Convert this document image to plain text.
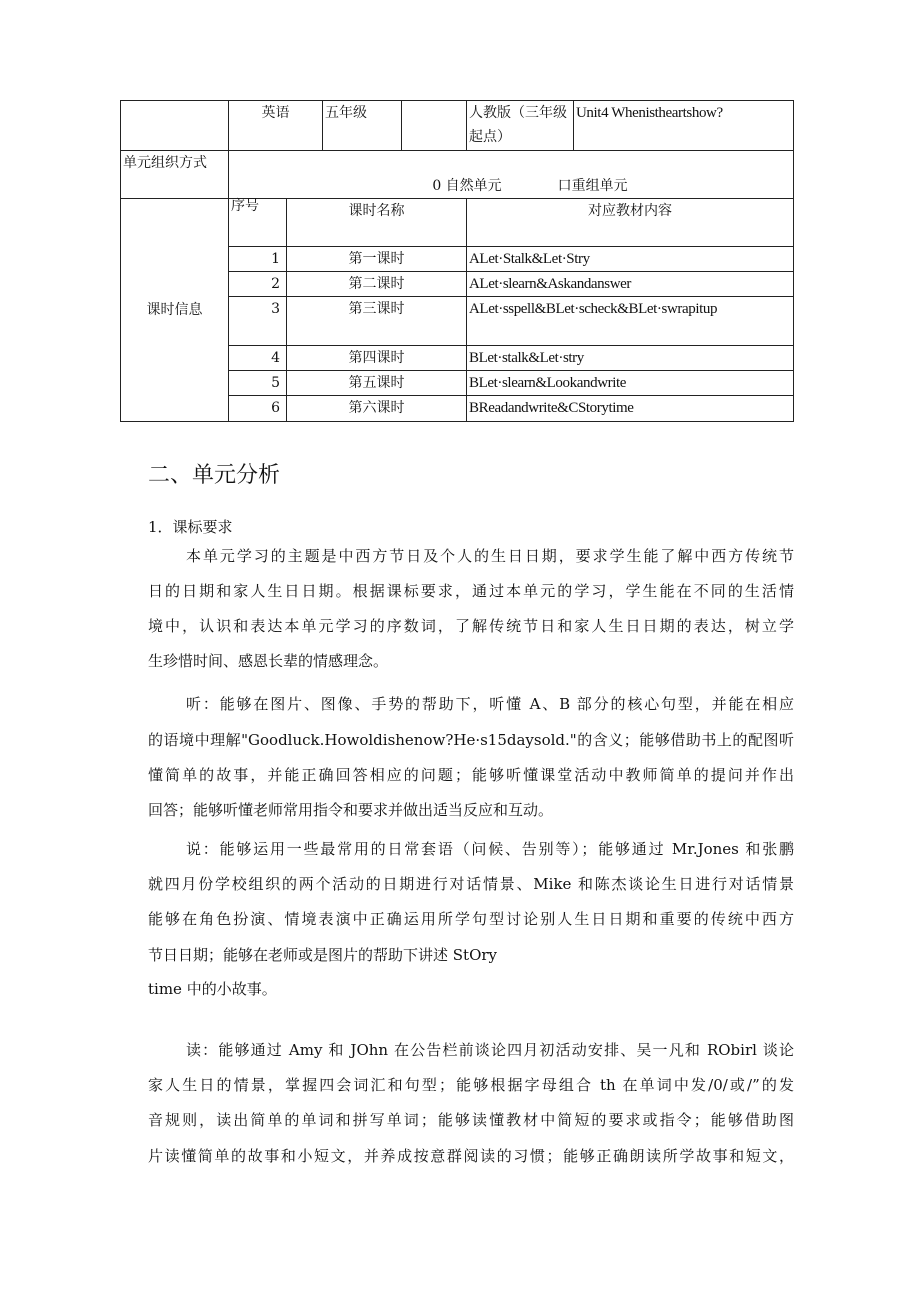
	英语		五年级		人教版（三年级起点）	Unit4 Whenistheartshow?
单元组织方式	0 自然单元　　　　口重组单元					
课时信息	序号	课时名称			对应教材内容	
	1	第一课时			ALet·Stalk&Let·Stry	
	2	第二课时			ALet·slearn&Askandanswer	
	3	第三课时			ALet·sspell&BLet·scheck&BLet·swrapitup	
	4	第四课时			BLet·stalk&Let·stry	
	5	第五课时			BLet·slearn&Lookandwrite	
	6	第六课时			BReadandwrite&CStorytime	
二、单元分析
1．课标要求
本单元学习的主题是中西方节日及个人的生日日期，要求学生能了解中西方传统节
日的日期和家人生日日期。根据课标要求，通过本单元的学习，学生能在不同的生活情
境中，认识和表达本单元学习的序数词，了解传统节日和家人生日日期的表达，树立学
生珍惜时间、感恩长辈的情感理念。
听：能够在图片、图像、手势的帮助下，听懂 A、B 部分的核心句型，并能在相应
的语境中理解"Goodluck.Howoldishenow?He·s15daysold."的含义；能够借助书上的配图听
懂简单的故事，并能正确回答相应的问题；能够听懂课堂活动中教师简单的提问并作出
回答；能够听懂老师常用指令和要求并做出适当反应和互动。
说：能够运用一些最常用的日常套语（问候、告别等）；能够通过 Mr.Jones 和张鹏
就四月份学校组织的两个活动的日期进行对话情景、Mike 和陈杰谈论生日进行对话情景
能够在角色扮演、情境表演中正确运用所学句型讨论别人生日日期和重要的传统中西方
节日日期；能够在老师或是图片的帮助下讲述 StOry
time 中的小故事。
读：能够通过 Amy 和 JOhn 在公告栏前谈论四月初活动安排、吴一凡和 RObirl 谈论
家人生日的情景，掌握四会词汇和句型；能够根据字母组合 th 在单词中发/0/或/”的发
音规则，读出简单的单词和拼写单词；能够读懂教材中简短的要求或指令；能够借助图
片读懂简单的故事和小短文，并养成按意群阅读的习惯；能够正确朗读所学故事和短文，
